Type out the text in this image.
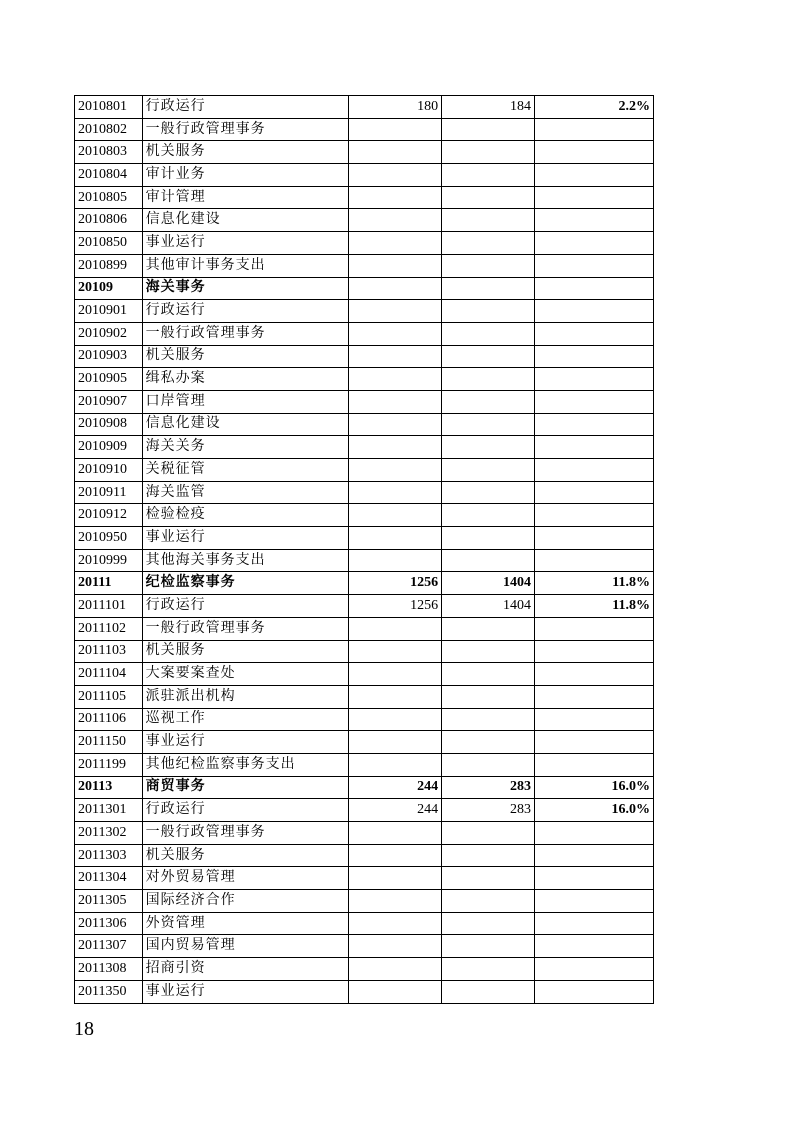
2010801	行政运行	180	184	2.2%
2010802	一般行政管理事务			
2010803	机关服务			
2010804	审计业务			
2010805	审计管理			
2010806	信息化建设			
2010850	事业运行			
2010899	其他审计事务支出			
20109	海关事务			
2010901	行政运行			
2010902	一般行政管理事务			
2010903	机关服务			
2010905	缉私办案			
2010907	口岸管理			
2010908	信息化建设			
2010909	海关关务			
2010910	关税征管			
2010911	海关监管			
2010912	检验检疫			
2010950	事业运行			
2010999	其他海关事务支出			
20111	纪检监察事务	1256	1404	11.8%
2011101	行政运行	1256	1404	11.8%
2011102	一般行政管理事务			
2011103	机关服务			
2011104	大案要案查处			
2011105	派驻派出机构			
2011106	巡视工作			
2011150	事业运行			
2011199	其他纪检监察事务支出			
20113	商贸事务	244	283	16.0%
2011301	行政运行	244	283	16.0%
2011302	一般行政管理事务			
2011303	机关服务			
2011304	对外贸易管理			
2011305	国际经济合作			
2011306	外资管理			
2011307	国内贸易管理			
2011308	招商引资			
2011350	事业运行			
18
